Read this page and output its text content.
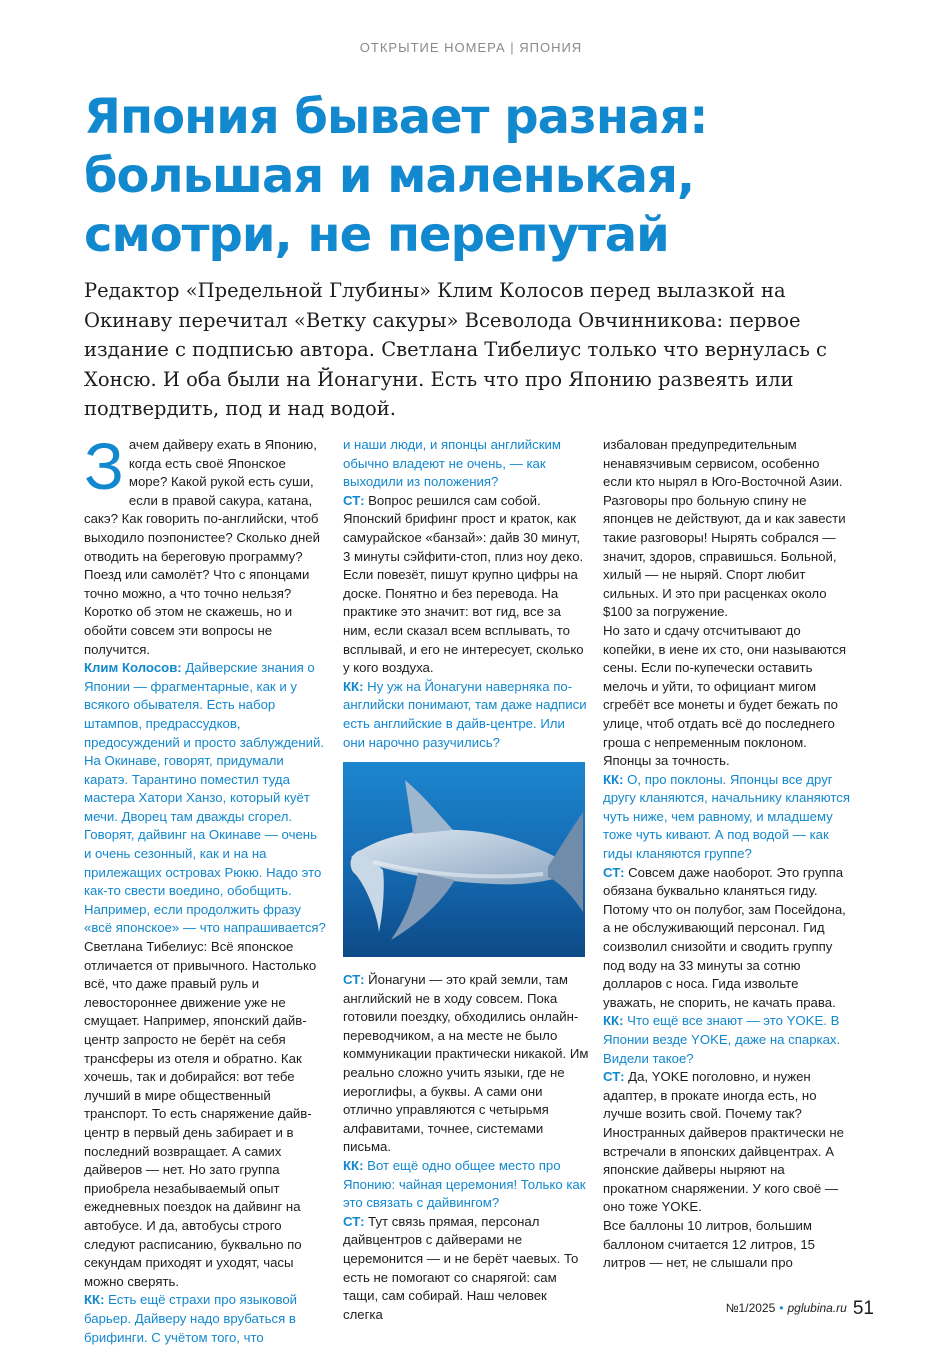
ОТКРЫТИЕ НОМЕРА | ЯПОНИЯ
Япония бывает разная:
большая и маленькая,
смотри, не перепутай

Редактор «Предельной Глубины» Клим Колосов перед вылазкой на Окинаву перечитал «Ветку сакуры» Всеволода Овчинникова: первое издание с подписью автора. Светлана Тибелиус только что вернулась с Хонсю. И оба были на Йонагуни. Есть что про Японию развеять или подтвердить, под и над водой.

Зачем дайверу ехать в Японию, когда есть своё Японское море? Какой рукой есть суши, если в правой сакура, катана, сакэ? Как говорить по-английски, чтоб выходило поэпонистее? Сколько дней отводить на береговую программу? Поезд или самолёт? Что с японцами точно можно, а что точно нельзя? Коротко об этом не скажешь, но и обойти совсем эти вопросы не получится.

Клим Колосов: Дайверские знания о Японии — фрагментарные, как и у всякого обывателя. Есть набор штампов, предрассудков, предосуждений и просто заблуждений. На Окинаве, говорят, придумали каратэ. Тарантино поместил туда мастера Хатори Ханзо, который куёт мечи. Дворец там дважды сгорел. Говорят, дайвинг на Окинаве — очень и очень сезонный, как и на на прилежащих островах Рюкю. Надо это как-то свести воедино, обобщить. Например, если продолжить фразу «всё японское» — что напрашивается?

Светлана Тибелиус: Всё японское отличается от привычного. Настолько всё, что даже правый руль и левостороннее движение уже не смущает. Например, японский дайв-центр запросто не берёт на себя трансферы из отеля и обратно. Как хочешь, так и добирайся: вот тебе лучший в мире общественный транспорт. То есть снаряжение дайв-центр в первый день забирает и в последний возвращает. А самих дайверов — нет. Но зато группа приобрела незабываемый опыт ежедневных поездок на дайвинг на автобусе. И да, автобусы строго следуют расписанию, буквально по секундам приходят и уходят, часы можно сверять.

КК: Есть ещё страхи про языковой барьер. Дайверу надо врубаться в брифинги. С учётом того, что

и наши люди, и японцы английским обычно владеют не очень, — как выходили из положения?

СТ: Вопрос решился сам собой. Японский брифинг прост и краток, как самурайское «банзай»: дайв 30 минут, 3 минуты сэйфити-стоп, плиз ноу деко. Если повезёт, пишут крупно цифры на доске. Понятно и без перевода. На практике это значит: вот гид, все за ним, если сказал всем всплывать, то всплывай, и его не интересует, сколько у кого воздуха.

КК: Ну уж на Йонагуни наверняка по-английски понимают, там даже надписи есть английские в дайв-центре. Или они нарочно разучились?

СТ: Йонагуни — это край земли, там английский не в ходу совсем. Пока готовили поездку, обходились онлайн-переводчиком, а на месте не было коммуникации практически никакой. Им реально сложно учить языки, где не иероглифы, а буквы. А сами они отлично управляются с четырьмя алфавитами, точнее, системами письма.

КК: Вот ещё одно общее место про Японию: чайная церемония! Только как это связать с дайвингом?

СТ: Тут связь прямая, персонал дайвцентров с дайверами не церемонится — и не берёт чаевых. То есть не помогают со снарягой: сам тащи, сам собирай. Наш человек слегка

избалован предупредительным ненавязчивым сервисом, особенно если кто нырял в Юго-Восточной Азии. Разговоры про больную спину не японцев не действуют, да и как завести такие разговоры! Нырять собрался — значит, здоров, справишься. Больной, хилый — не ныряй. Спорт любит сильных. И это при расценках около $100 за погружение.

Но зато и сдачу отсчитывают до копейки, в иене их сто, они называются сены. Если по-купечески оставить мелочь и уйти, то официант мигом сгребёт все монеты и будет бежать по улице, чтоб отдать всё до последнего гроша с непременным поклоном. Японцы за точность.

КК: О, про поклоны. Японцы все друг другу кланяются, начальнику кланяются чуть ниже, чем равному, и младшему тоже чуть кивают. А под водой — как гиды кланяются группе?

СТ: Совсем даже наоборот. Это группа обязана буквально кланяться гиду. Потому что он полубог, зам Посейдона, а не обслуживающий персонал. Гид соизволил снизойти и сводить группу под воду на 33 минуты за сотню долларов с носа. Гида извольте уважать, не спорить, не качать права.

КК: Что ещё все знают — это YOKE. В Японии везде YOKE, даже на спарках. Видели такое?

СТ: Да, YOKE поголовно, и нужен адаптер, в прокате иногда есть, но лучше возить свой. Почему так? Иностранных дайверов практически не встречали в японских дайвцентрах. А японские дайверы ныряют на прокатном снаряжении. У кого своё — оно тоже YOKE.

Все баллоны 10 литров, большим баллоном считается 12 литров, 15 литров — нет, не слышали про

№1/2025 • pglubina.ru 51
